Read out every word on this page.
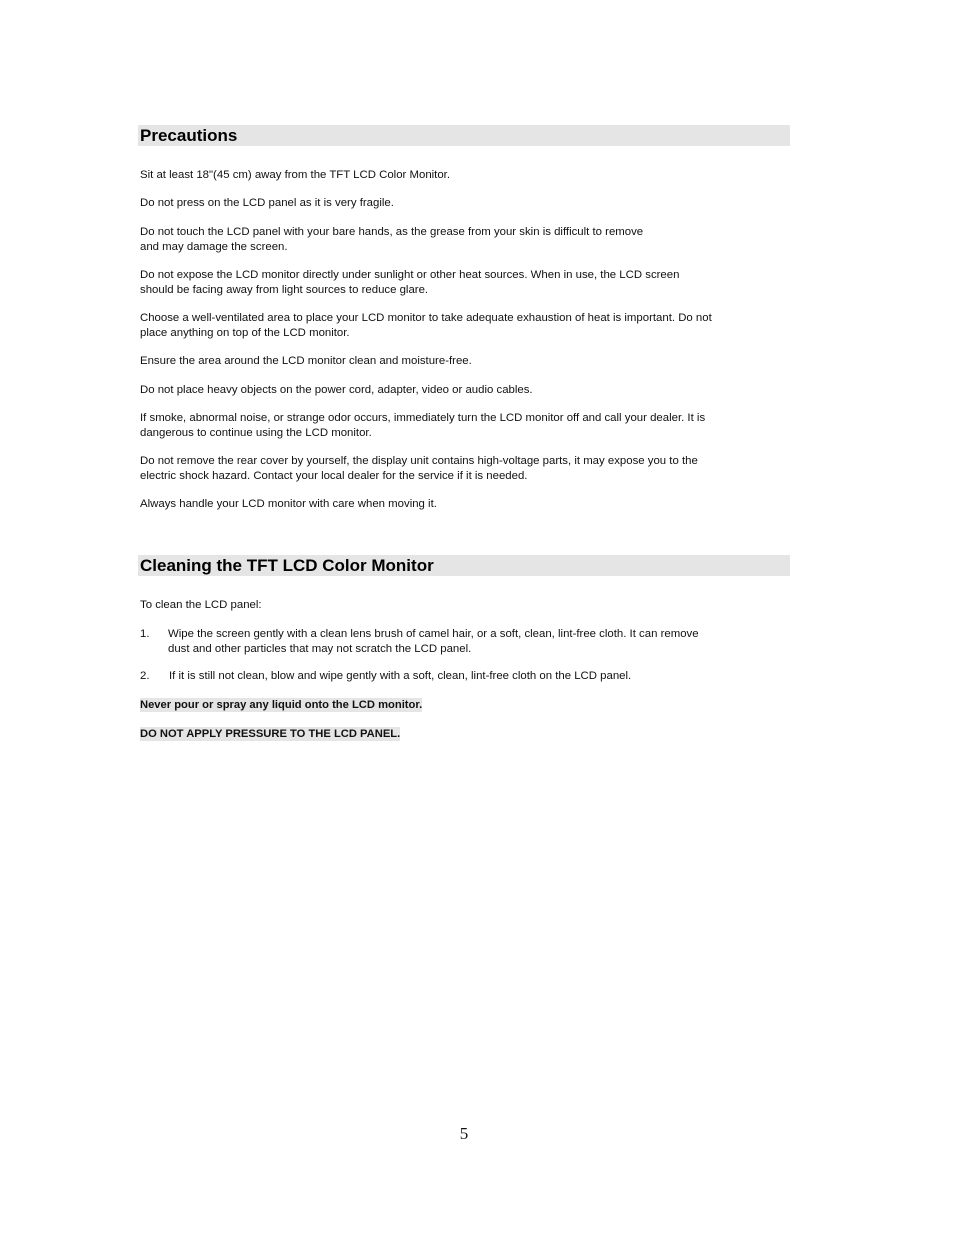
Precautions

Sit at least 18"(45 cm) away from the TFT LCD Color Monitor.

Do not press on the LCD panel as it is very fragile.

Do not touch the LCD panel with your bare hands, as the grease from your skin is difficult to remove
and may damage the screen.

Do not expose the LCD monitor directly under sunlight or other heat sources. When in use, the LCD screen
should be facing away from light sources to reduce glare.

Choose a well-ventilated area to place your LCD monitor to take adequate exhaustion of heat is important. Do not
place anything on top of the LCD monitor.

Ensure the area around the LCD monitor clean and moisture-free.

Do not place heavy objects on the power cord, adapter, video or audio cables.

If smoke, abnormal noise, or strange odor occurs, immediately turn the LCD monitor off and call your dealer. It is
dangerous to continue using the LCD monitor.

Do not remove the rear cover by yourself, the display unit contains high-voltage parts, it may expose you to the
electric shock hazard. Contact your local dealer for the service if it is needed.

Always handle your LCD monitor with care when moving it.

Cleaning the TFT LCD Color Monitor

To clean the LCD panel:

1. Wipe the screen gently with a clean lens brush of camel hair, or a soft, clean, lint-free cloth. It can remove
dust and other particles that may not scratch the LCD panel.
2. If it is still not clean, blow and wipe gently with a soft, clean, lint-free cloth on the LCD panel.
Never pour or spray any liquid onto the LCD monitor.
DO NOT APPLY PRESSURE TO THE LCD PANEL.
5
